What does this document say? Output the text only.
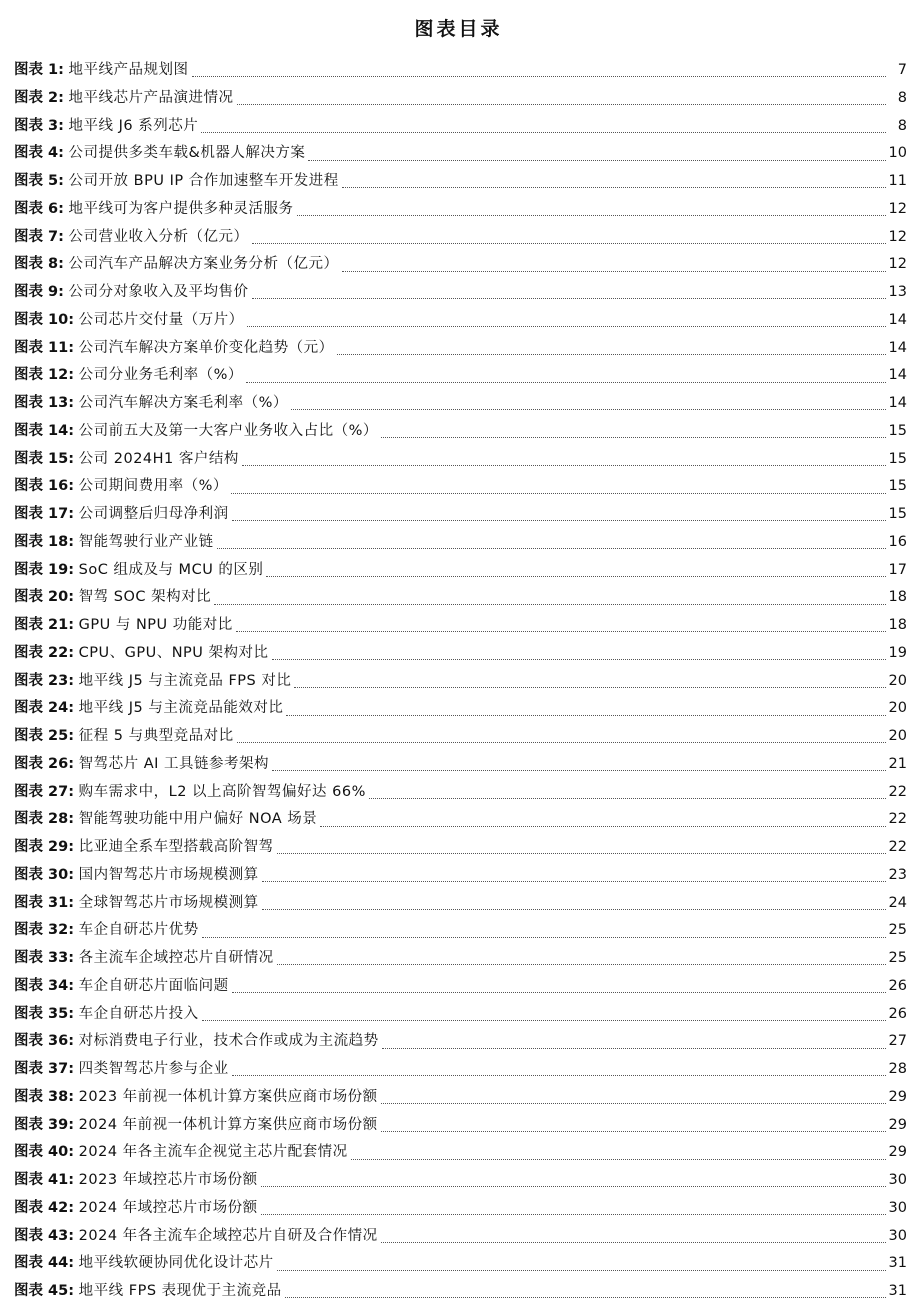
图表目录
图表 1: 地平线产品规划图	7
图表 2: 地平线芯片产品演进情况	8
图表 3: 地平线 J6 系列芯片	8
图表 4: 公司提供多类车载&机器人解决方案	10
图表 5: 公司开放 BPU IP 合作加速整车开发进程	11
图表 6: 地平线可为客户提供多种灵活服务	12
图表 7: 公司营业收入分析（亿元）	12
图表 8: 公司汽车产品解决方案业务分析（亿元）	12
图表 9: 公司分对象收入及平均售价	13
图表 10: 公司芯片交付量（万片）	14
图表 11: 公司汽车解决方案单价变化趋势（元）	14
图表 12: 公司分业务毛利率（%）	14
图表 13: 公司汽车解决方案毛利率（%）	14
图表 14: 公司前五大及第一大客户业务收入占比（%）	15
图表 15: 公司 2024H1 客户结构	15
图表 16: 公司期间费用率（%）	15
图表 17: 公司调整后归母净利润	15
图表 18: 智能驾驶行业产业链	16
图表 19: SoC 组成及与 MCU 的区别	17
图表 20: 智驾 SOC 架构对比	18
图表 21: GPU 与 NPU 功能对比	18
图表 22: CPU、GPU、NPU 架构对比	19
图表 23: 地平线 J5 与主流竞品 FPS 对比	20
图表 24: 地平线 J5 与主流竞品能效对比	20
图表 25: 征程 5 与典型竞品对比	20
图表 26: 智驾芯片 AI 工具链参考架构	21
图表 27: 购车需求中，L2 以上高阶智驾偏好达 66%	22
图表 28: 智能驾驶功能中用户偏好 NOA 场景	22
图表 29: 比亚迪全系车型搭载高阶智驾	22
图表 30: 国内智驾芯片市场规模测算	23
图表 31: 全球智驾芯片市场规模测算	24
图表 32: 车企自研芯片优势	25
图表 33: 各主流车企域控芯片自研情况	25
图表 34: 车企自研芯片面临问题	26
图表 35: 车企自研芯片投入	26
图表 36: 对标消费电子行业，技术合作或成为主流趋势	27
图表 37: 四类智驾芯片参与企业	28
图表 38: 2023 年前视一体机计算方案供应商市场份额	29
图表 39: 2024 年前视一体机计算方案供应商市场份额	29
图表 40: 2024 年各主流车企视觉主芯片配套情况	29
图表 41: 2023 年域控芯片市场份额	30
图表 42: 2024 年域控芯片市场份额	30
图表 43: 2024 年各主流车企域控芯片自研及合作情况	30
图表 44: 地平线软硬协同优化设计芯片	31
图表 45: 地平线 FPS 表现优于主流竞品	31
